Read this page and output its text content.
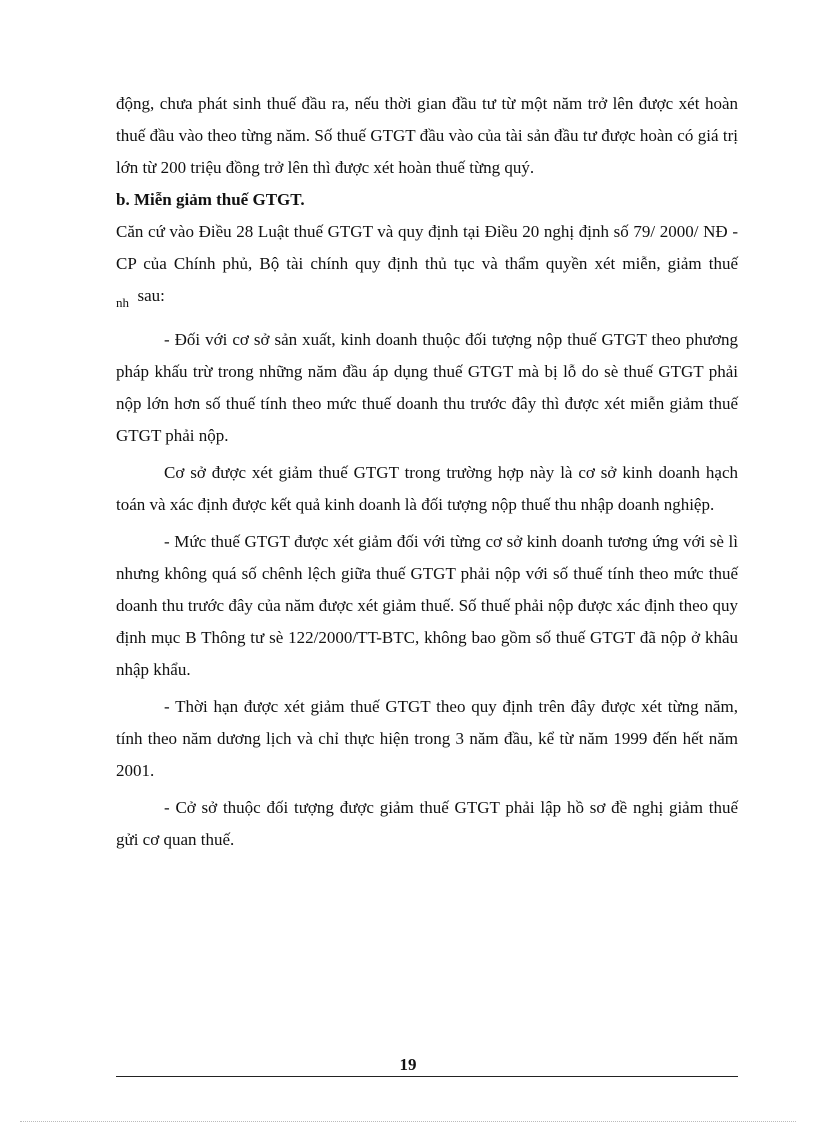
động, chưa phát sinh thuế đầu ra, nếu thời gian đầu tư từ một năm trở lên được xét hoàn thuế đầu vào theo từng năm. Số thuế GTGT đầu vào của tài sản đầu tư được hoàn có giá trị lớn từ 200 triệu đồng trở lên thì được xét hoàn thuế từng quý.

b. Miễn giảm thuế GTGT.

Căn cứ vào Điều 28 Luật thuế GTGT và quy định tại Điều 20 nghị định số 79/ 2000/ NĐ - CP của Chính phủ, Bộ tài chính quy định thủ tục và thẩm quyền xét miễn, giảm thuế $_{nh}$ sau:

- Đối với cơ sở sản xuất, kinh doanh thuộc đối tượng nộp thuế GTGT theo phương pháp khấu trừ trong những năm đầu áp dụng thuế GTGT mà bị lỗ do sè thuế GTGT phải nộp lớn hơn số thuế tính theo mức thuế doanh thu trước đây thì được xét miễn giảm thuế GTGT phải nộp.

Cơ sở được xét giảm thuế GTGT trong trường hợp này là cơ sở kinh doanh hạch toán và xác định được kết quả kinh doanh là đối tượng nộp thuế thu nhập doanh nghiệp.

- Mức thuế GTGT được xét giảm đối với từng cơ sở kinh doanh tương ứng với sè lì nhưng không quá số chênh lệch giữa thuế GTGT phải nộp với số thuế tính theo mức thuế doanh thu trước đây của năm được xét giảm thuế. Số thuế phải nộp được xác định theo quy định mục B Thông tư sè 122/2000/TT-BTC, không bao gồm số thuế GTGT đã nộp ở khâu nhập khẩu.

- Thời hạn được xét giảm thuế GTGT theo quy định trên đây được xét từng năm, tính theo năm dương lịch và chỉ thực hiện trong 3 năm đầu, kể từ năm 1999 đến hết năm 2001.

- Cở sở thuộc đối tượng được giảm thuế GTGT phải lập hồ sơ đề nghị giảm thuế gửi cơ quan thuế.

19
